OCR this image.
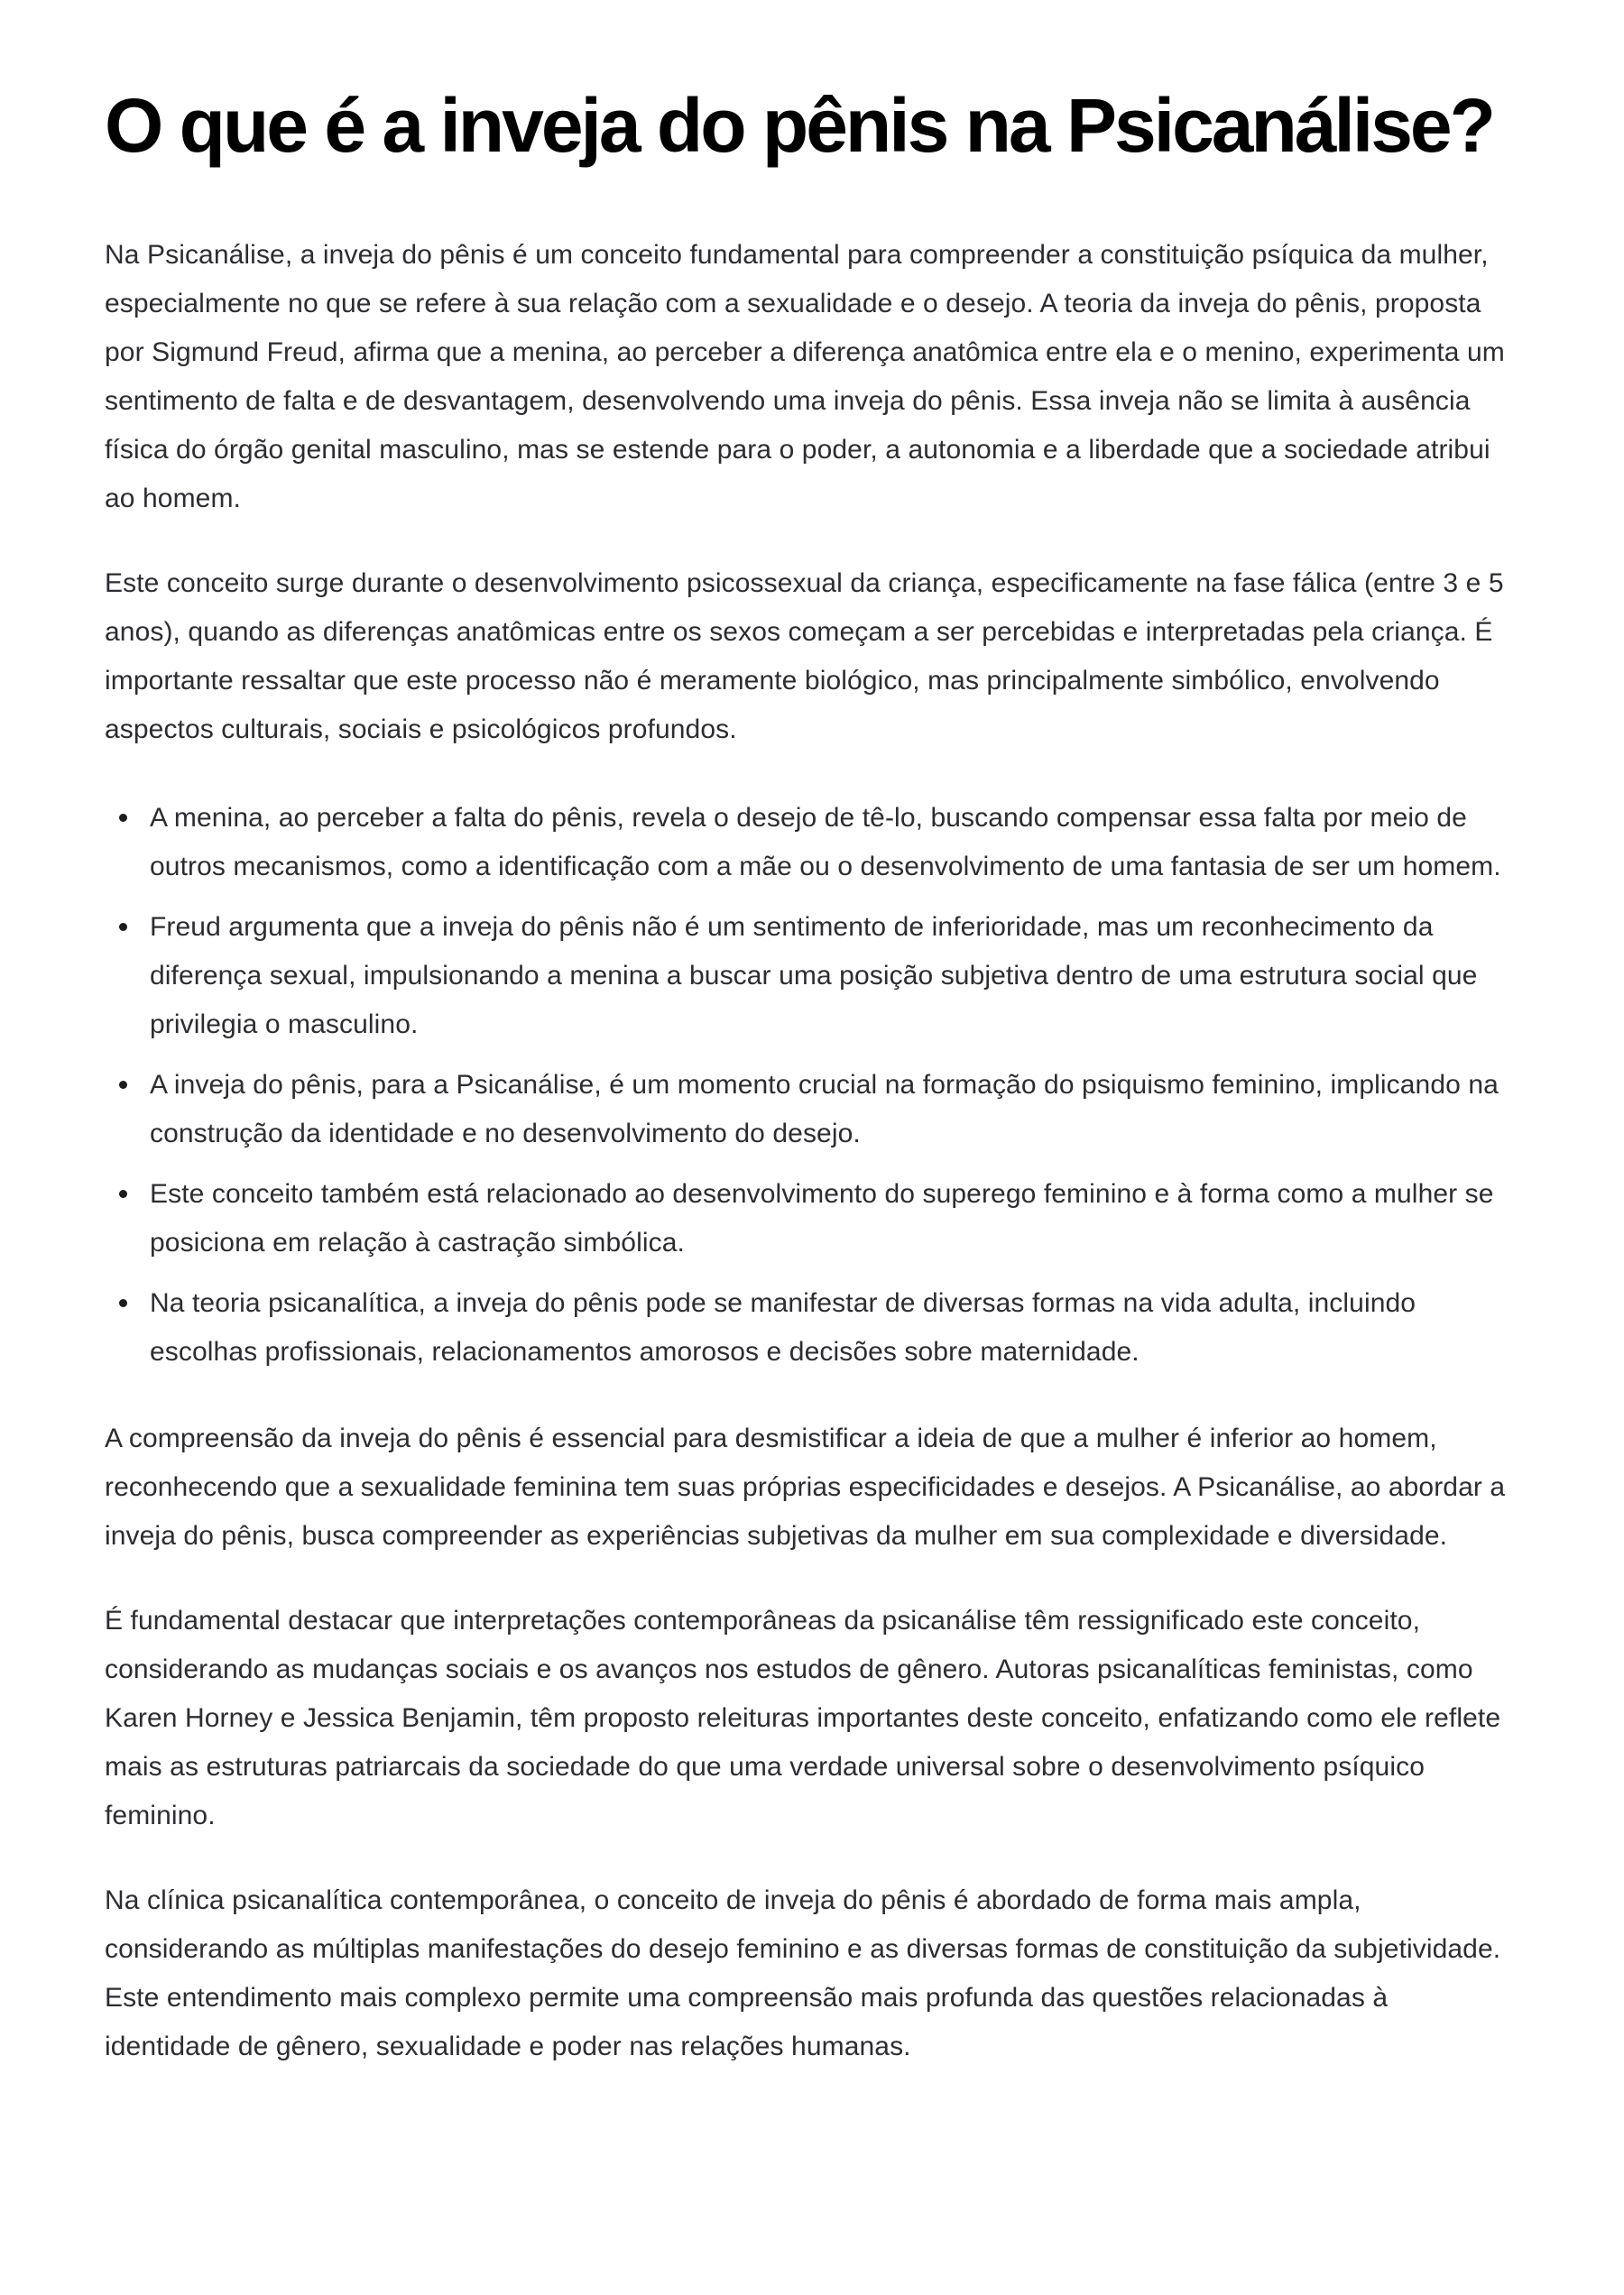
O que é a inveja do pênis na Psicanálise?

Na Psicanálise, a inveja do pênis é um conceito fundamental para compreender a constituição psíquica da mulher, especialmente no que se refere à sua relação com a sexualidade e o desejo. A teoria da inveja do pênis, proposta por Sigmund Freud, afirma que a menina, ao perceber a diferença anatômica entre ela e o menino, experimenta um sentimento de falta e de desvantagem, desenvolvendo uma inveja do pênis. Essa inveja não se limita à ausência física do órgão genital masculino, mas se estende para o poder, a autonomia e a liberdade que a sociedade atribui ao homem.

Este conceito surge durante o desenvolvimento psicossexual da criança, especificamente na fase fálica (entre 3 e 5 anos), quando as diferenças anatômicas entre os sexos começam a ser percebidas e interpretadas pela criança. É importante ressaltar que este processo não é meramente biológico, mas principalmente simbólico, envolvendo aspectos culturais, sociais e psicológicos profundos.

A menina, ao perceber a falta do pênis, revela o desejo de tê-lo, buscando compensar essa falta por meio de outros mecanismos, como a identificação com a mãe ou o desenvolvimento de uma fantasia de ser um homem.
Freud argumenta que a inveja do pênis não é um sentimento de inferioridade, mas um reconhecimento da diferença sexual, impulsionando a menina a buscar uma posição subjetiva dentro de uma estrutura social que privilegia o masculino.
A inveja do pênis, para a Psicanálise, é um momento crucial na formação do psiquismo feminino, implicando na construção da identidade e no desenvolvimento do desejo.
Este conceito também está relacionado ao desenvolvimento do superego feminino e à forma como a mulher se posiciona em relação à castração simbólica.
Na teoria psicanalítica, a inveja do pênis pode se manifestar de diversas formas na vida adulta, incluindo escolhas profissionais, relacionamentos amorosos e decisões sobre maternidade.

A compreensão da inveja do pênis é essencial para desmistificar a ideia de que a mulher é inferior ao homem, reconhecendo que a sexualidade feminina tem suas próprias especificidades e desejos. A Psicanálise, ao abordar a inveja do pênis, busca compreender as experiências subjetivas da mulher em sua complexidade e diversidade.

É fundamental destacar que interpretações contemporâneas da psicanálise têm ressignificado este conceito, considerando as mudanças sociais e os avanços nos estudos de gênero. Autoras psicanalíticas feministas, como Karen Horney e Jessica Benjamin, têm proposto releituras importantes deste conceito, enfatizando como ele reflete mais as estruturas patriarcais da sociedade do que uma verdade universal sobre o desenvolvimento psíquico feminino.

Na clínica psicanalítica contemporânea, o conceito de inveja do pênis é abordado de forma mais ampla, considerando as múltiplas manifestações do desejo feminino e as diversas formas de constituição da subjetividade. Este entendimento mais complexo permite uma compreensão mais profunda das questões relacionadas à identidade de gênero, sexualidade e poder nas relações humanas.
